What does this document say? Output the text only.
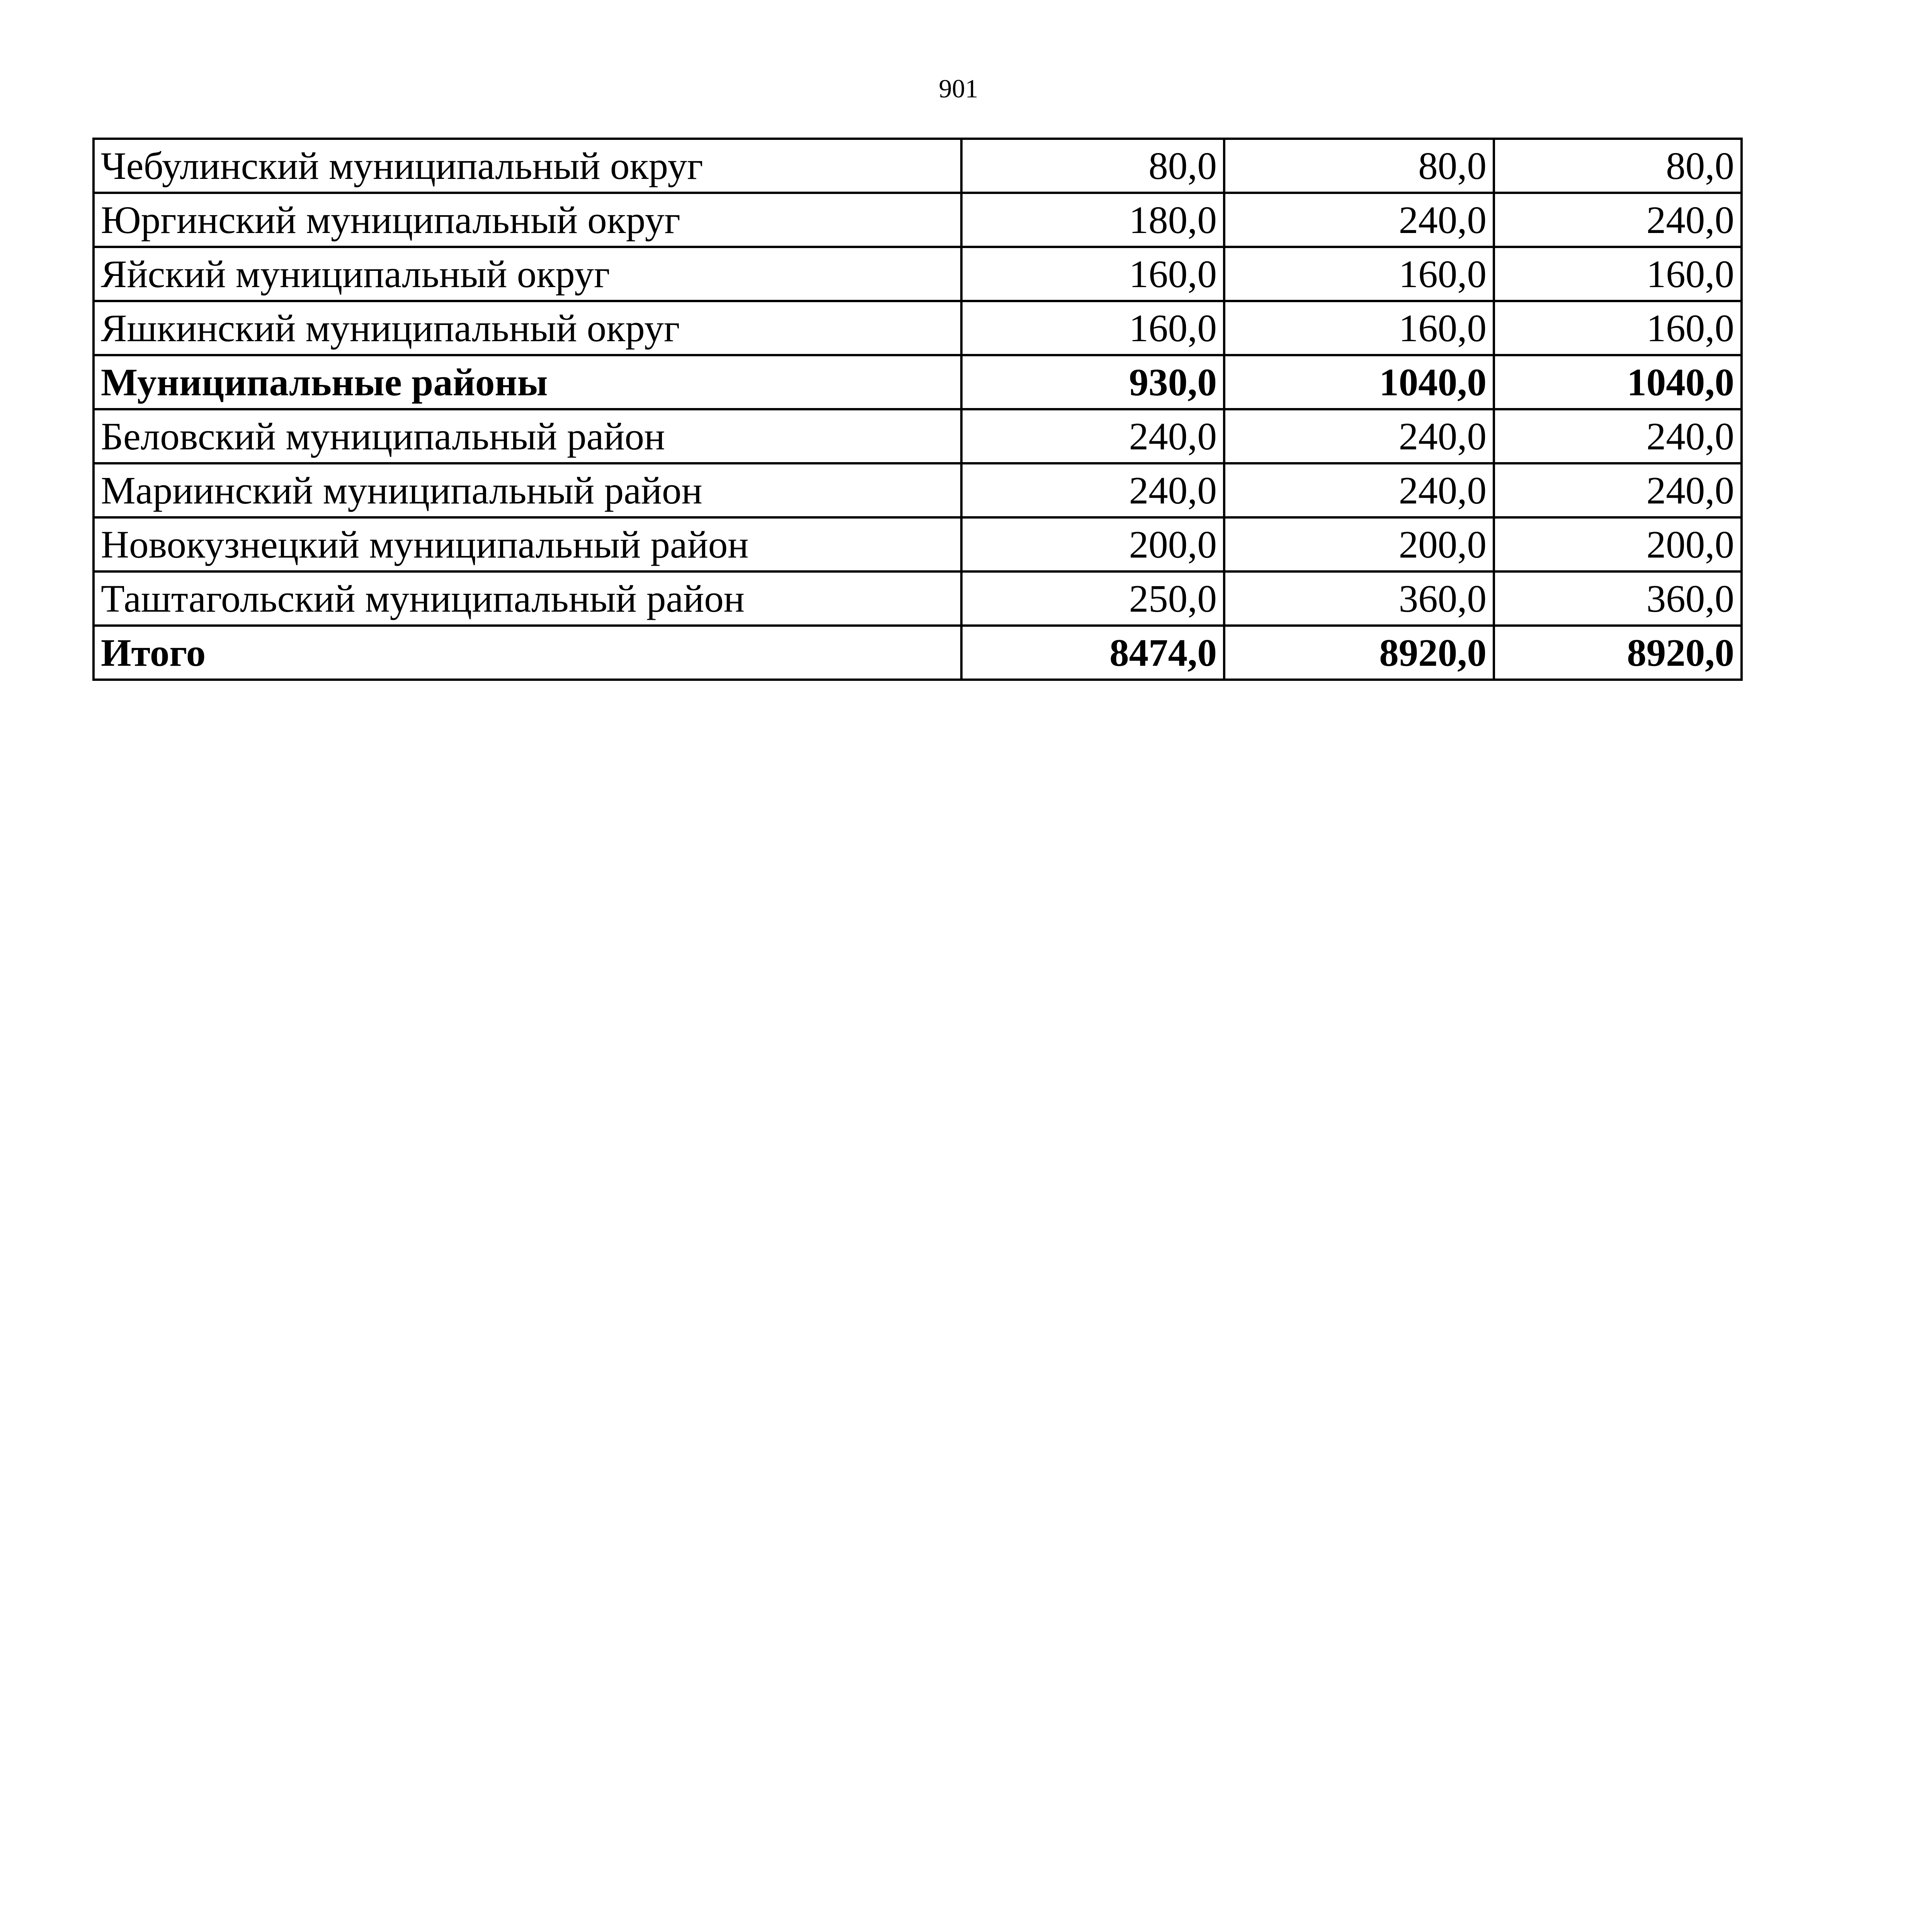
901
Чебулинский муниципальный округ	80,0	80,0	80,0
Юргинский муниципальный округ	180,0	240,0	240,0
Яйский муниципальный округ	160,0	160,0	160,0
Яшкинский муниципальный округ	160,0	160,0	160,0
Муниципальные районы	930,0	1040,0	1040,0
Беловский муниципальный район	240,0	240,0	240,0
Мариинский муниципальный район	240,0	240,0	240,0
Новокузнецкий муниципальный район	200,0	200,0	200,0
Таштагольский муниципальный район	250,0	360,0	360,0
Итого	8474,0	8920,0	8920,0
